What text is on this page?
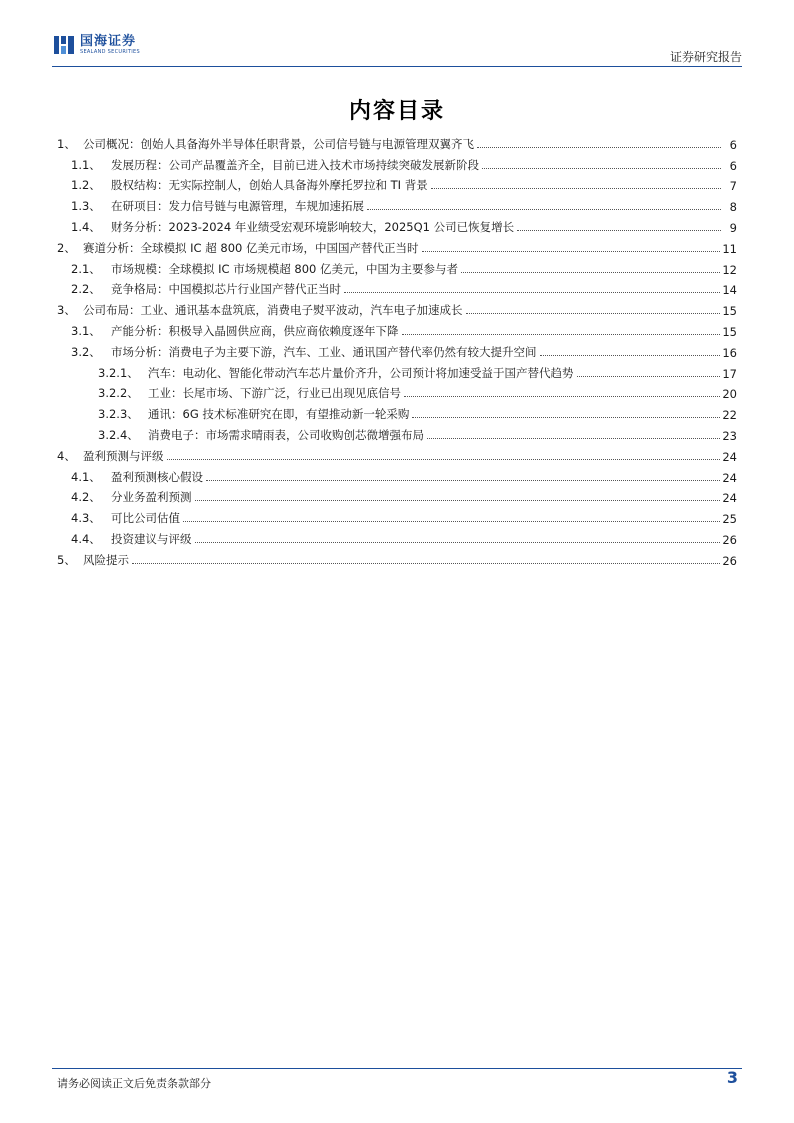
国海证券
SEALAND SECURITIES	证券研究报告
内容目录
1、 公司概况：创始人具备海外半导体任职背景，公司信号链与电源管理双翼齐飞	6
1.1、 发展历程：公司产品覆盖齐全，目前已进入技术市场持续突破发展新阶段	6
1.2、 股权结构：无实际控制人，创始人具备海外摩托罗拉和 TI 背景	7
1.3、 在研项目：发力信号链与电源管理，车规加速拓展	8
1.4、 财务分析：2023-2024 年业绩受宏观环境影响较大，2025Q1 公司已恢复增长	9
2、 赛道分析：全球模拟 IC 超 800 亿美元市场，中国国产替代正当时	11
2.1、 市场规模：全球模拟 IC 市场规模超 800 亿美元，中国为主要参与者	12
2.2、 竞争格局：中国模拟芯片行业国产替代正当时	14
3、 公司布局：工业、通讯基本盘筑底，消费电子熨平波动，汽车电子加速成长	15
3.1、 产能分析：积极导入晶圆供应商，供应商依赖度逐年下降	15
3.2、 市场分析：消费电子为主要下游，汽车、工业、通讯国产替代率仍然有较大提升空间	16
3.2.1、 汽车：电动化、智能化带动汽车芯片量价齐升，公司预计将加速受益于国产替代趋势	17
3.2.2、 工业：长尾市场、下游广泛，行业已出现见底信号	20
3.2.3、 通讯：6G 技术标准研究在即，有望推动新一轮采购	22
3.2.4、 消费电子：市场需求晴雨表，公司收购创芯微增强布局	23
4、 盈利预测与评级	24
4.1、 盈利预测核心假设	24
4.2、 分业务盈利预测	24
4.3、 可比公司估值	25
4.4、 投资建议与评级	26
5、 风险提示	26
请务必阅读正文后免责条款部分	3
